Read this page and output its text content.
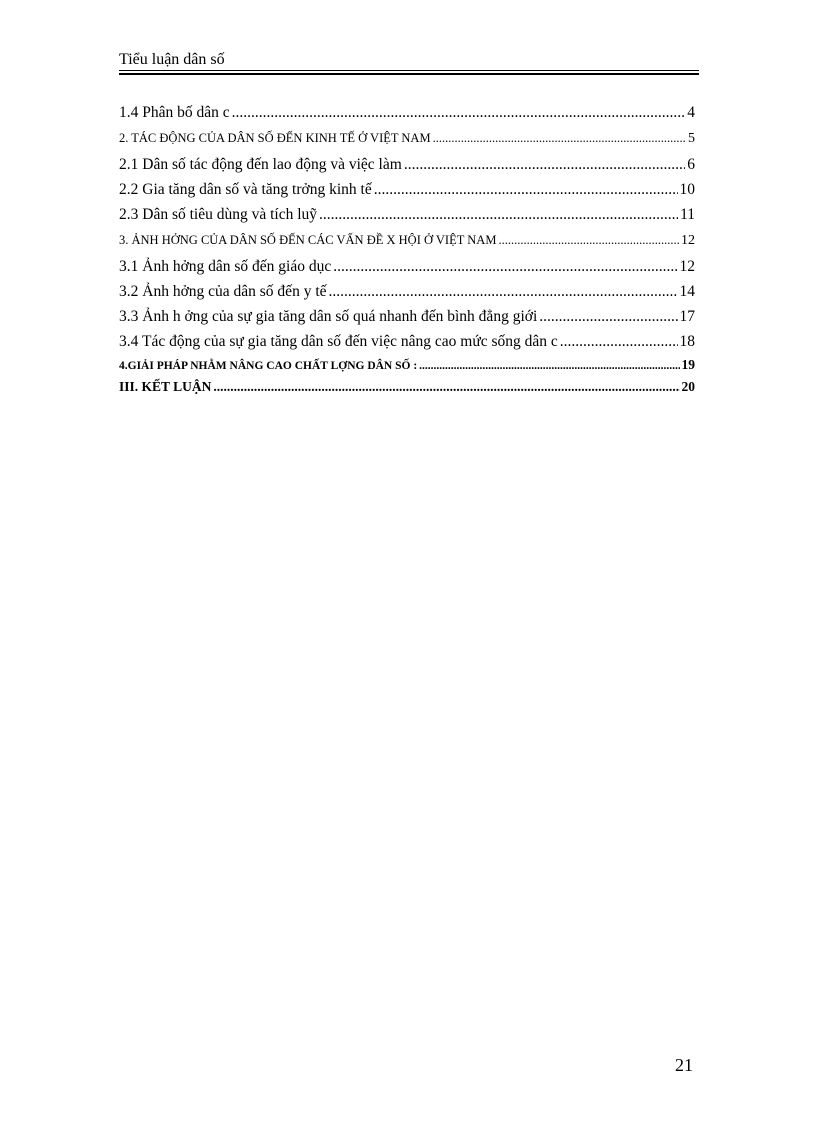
Tiểu luận dân số
1.4 Phân bố dân c .....	4
2. TÁC ĐỘNG CỦA DÂN SỐ ĐẾN KINH TẾ Ở VIỆT NAM .....	5
2.1 Dân số tác động đến lao động và việc làm .....	6
2.2 Gia tăng dân số và tăng trởng kinh tế .....	10
2.3 Dân số tiêu dùng và tích luỹ .....	11
3. ẢNH HỞNG CỦA DÂN SỐ ĐẾN CÁC VẤN ĐỀ X HỘI Ở VIỆT NAM .....	12
3.1 Ảnh hởng dân số đến giáo dục .....	12
3.2 Ảnh hởng của dân số đến y tế .....	14
3.3 Ảnh h ởng của sự gia tăng dân số quá nhanh đến bình đẳng giới .....	17
3.4 Tác động của sự gia tăng dân số đến việc nâng cao mức sống dân c .....	18
4.GIẢI PHÁP NHẰM NÂNG CAO CHẤT LỢNG DÂN SỐ : .....	19
III. KẾT LUẬN .....	20
21
